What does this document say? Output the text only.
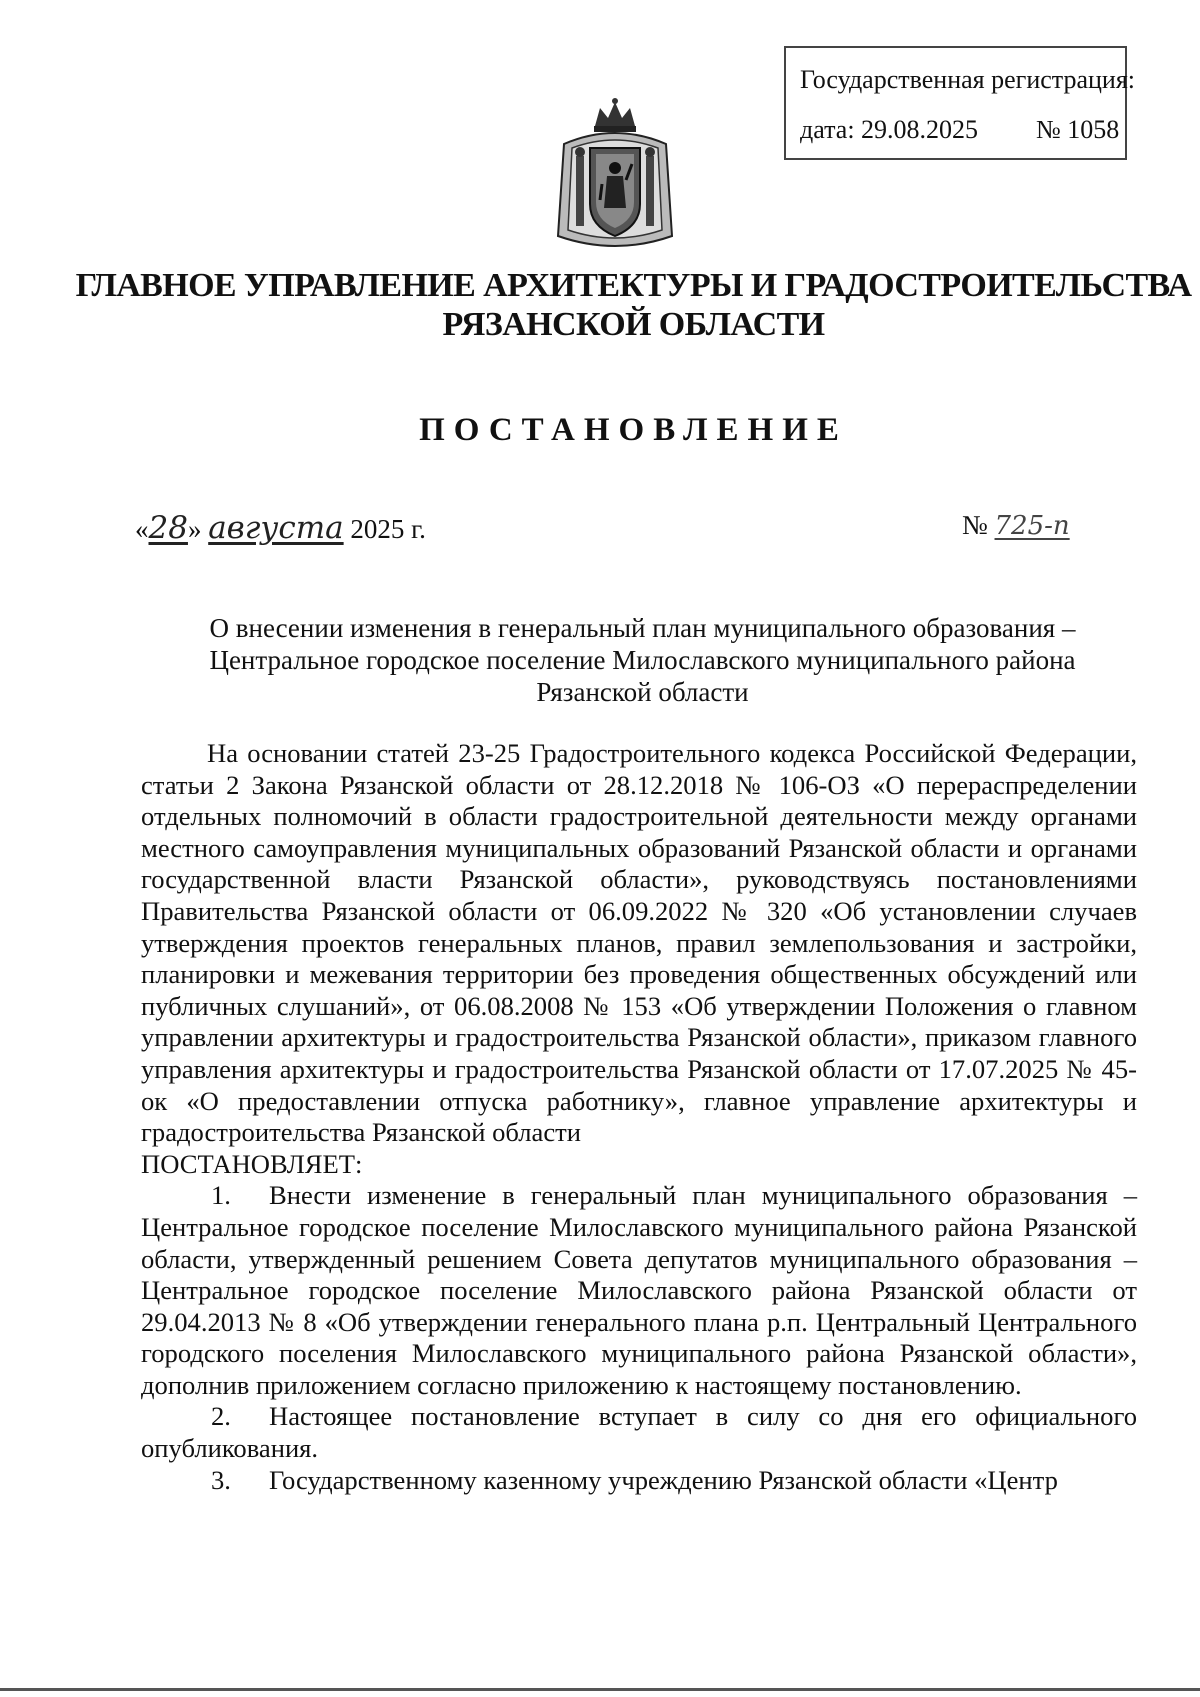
Государственная регистрация:
дата: 29.08.2025 № 1058
ГЛАВНОЕ УПРАВЛЕНИЕ АРХИТЕКТУРЫ И ГРАДОСТРОИТЕЛЬСТВА
РЯЗАНСКОЙ ОБЛАСТИ
ПОСТАНОВЛЕНИЕ
«28» августа 2025 г.	№ 725-п
О внесении изменения в генеральный план муниципального образования –
Центральное городское поселение Милославского муниципального района
Рязанской области

На основании статей 23-25 Градостроительного кодекса Российской Федерации, статьи 2 Закона Рязанской области от 28.12.2018 № 106-ОЗ «О перераспределении отдельных полномочий в области градостроительной деятельности между органами местного самоуправления муниципальных образований Рязанской области и органами государственной власти Рязанской области», руководствуясь постановлениями Правительства Рязанской области от 06.09.2022 № 320 «Об установлении случаев утверждения проектов генеральных планов, правил землепользования и застройки, планировки и межевания территории без проведения общественных обсуждений или публичных слушаний», от 06.08.2008 № 153 «Об утверждении Положения о главном управлении архитектуры и градостроительства Рязанской области», приказом главного управления архитектуры и градостроительства Рязанской области от 17.07.2025 № 45-ок «О предоставлении отпуска работнику», главное управление архитектуры и градостроительства Рязанской области

ПОСТАНОВЛЯЕТ:

1. Внести изменение в генеральный план муниципального образования – Центральное городское поселение Милославского муниципального района Рязанской области, утвержденный решением Совета депутатов муниципального образования – Центральное городское поселение Милославского района Рязанской области от 29.04.2013 № 8 «Об утверждении генерального плана р.п. Центральный Центрального городского поселения Милославского муниципального района Рязанской области», дополнив приложением согласно приложению к настоящему постановлению.

2. Настоящее постановление вступает в силу со дня его официального опубликования.

3. Государственному казенному учреждению Рязанской области «Центр
